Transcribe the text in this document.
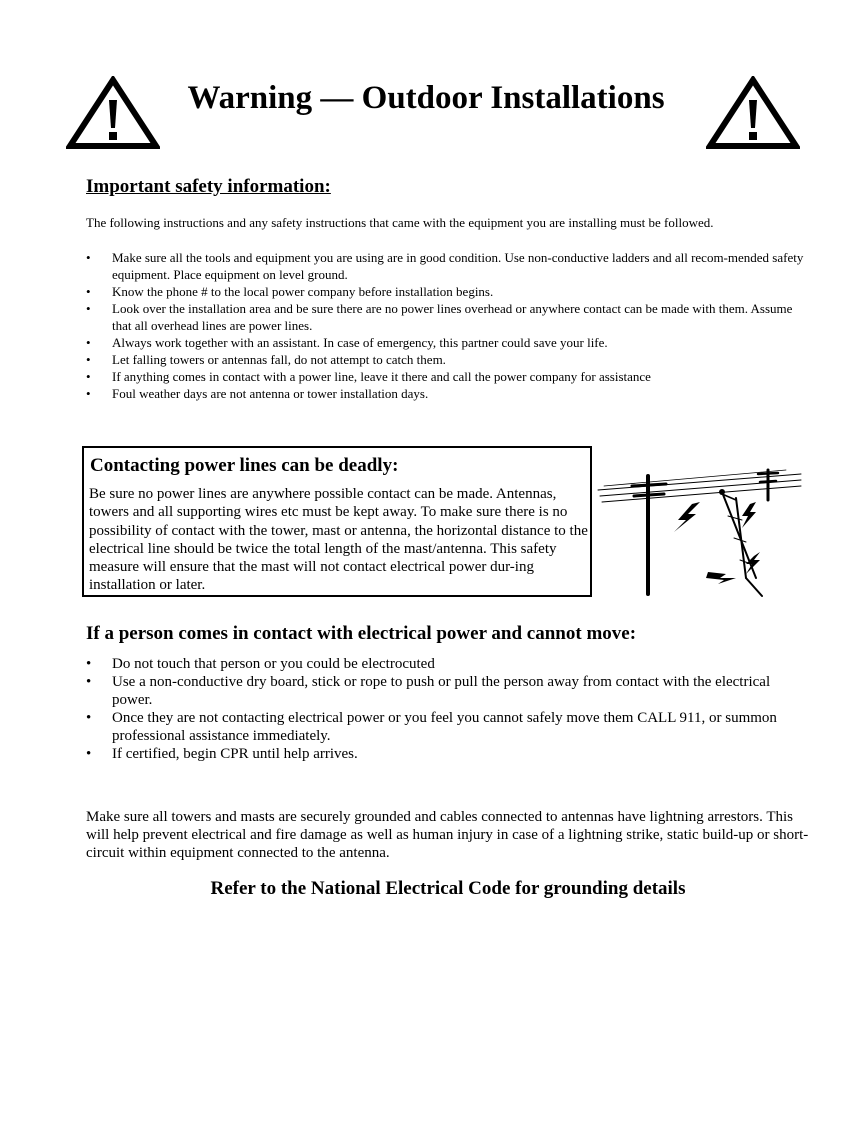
Warning — Outdoor Installations
Important safety information:

The following instructions and any safety instructions that came with the equipment you are installing must be followed.

• Make sure all the tools and equipment you are using are in good condition. Use non-conductive ladders and all recom-mended safety equipment. Place equipment on level ground.
• Know the phone # to the local power company before installation begins.
• Look over the installation area and be sure there are no power lines overhead or anywhere contact can be made with them. Assume that all overhead lines are power lines.
• Always work together with an assistant. In case of emergency, this partner could save your life.
• Let falling towers or antennas fall, do not attempt to catch them.
• If anything comes in contact with a power line, leave it there and call the power company for assistance
• Foul weather days are not antenna or tower installation days.
Contacting power lines can be deadly:

Be sure no power lines are anywhere possible contact can be made. Antennas, towers and all supporting wires etc must be kept away. To make sure there is no possibility of contact with the tower, mast or antenna, the horizontal distance to the electrical line should be twice the total length of the mast/antenna. This safety measure will ensure that the mast will not contact electrical power dur-ing installation or later.

If a person comes in contact with electrical power and cannot move:
• Do not touch that person or you could be electrocuted
• Use a non-conductive dry board, stick or rope to push or pull the person away from contact with the electrical power.
• Once they are not contacting electrical power or you feel you cannot safely move them CALL 911, or summon professional assistance immediately.
• If certified, begin CPR until help arrives.

Make sure all towers and masts are securely grounded and cables connected to antennas have lightning arrestors. This will help prevent electrical and fire damage as well as human injury in case of a lightning strike, static build-up or short-circuit within equipment connected to the antenna.

Refer to the National Electrical Code for grounding details
